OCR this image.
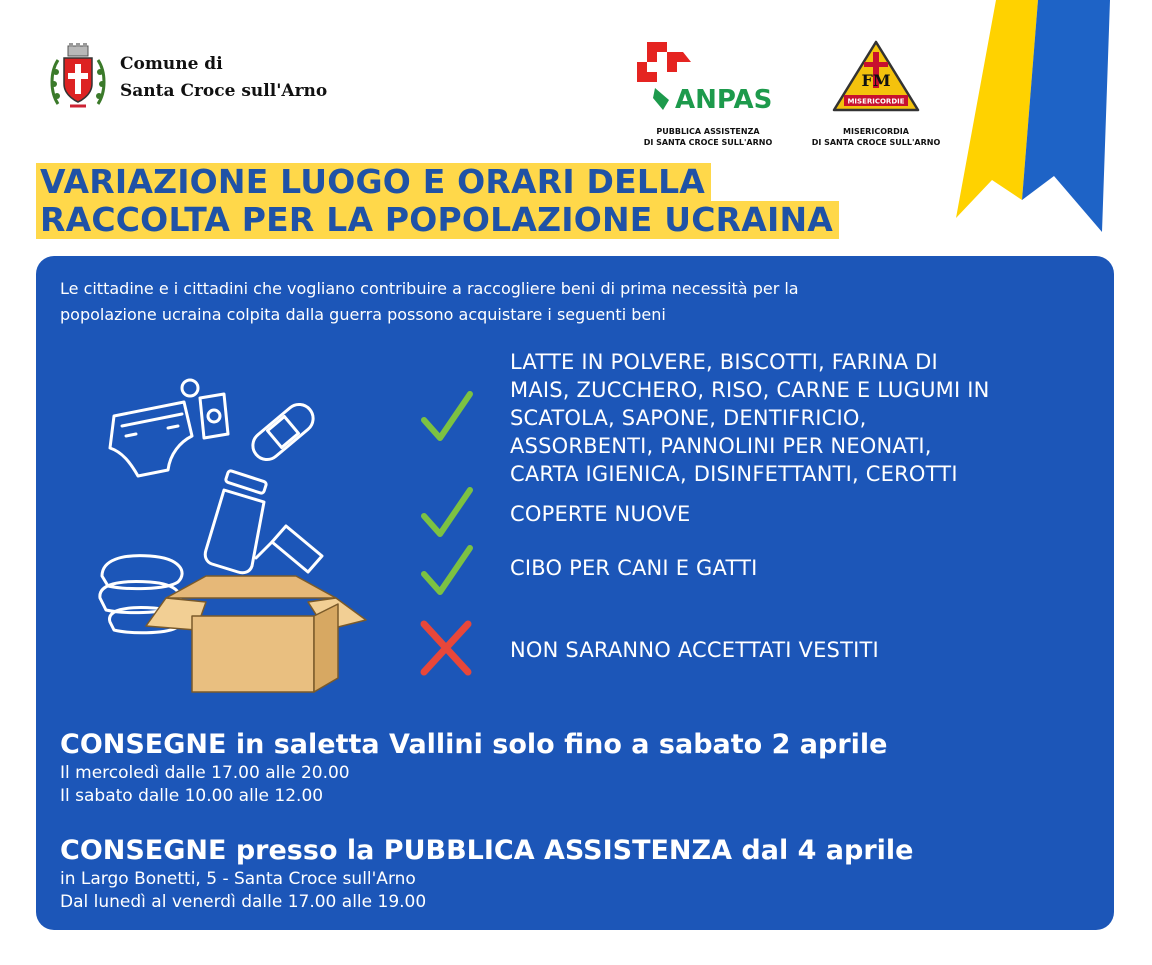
Comune di
Santa Croce sull'Arno	ANPAS
PUBBLICA ASSISTENZA
DI SANTA CROCE SULL'ARNO
FM
MISERICORDIE
MISERICORDIA
DI SANTA CROCE SULL'ARNO
VARIAZIONE LUOGO E ORARI DELLA
RACCOLTA PER LA POPOLAZIONE UCRAINA
Le cittadine e i cittadini che vogliano contribuire a raccogliere beni di prima necessità per la
popolazione ucraina colpita dalla guerra possono acquistare i seguenti beni
LATTE IN POLVERE, BISCOTTI, FARINA DI
MAIS, ZUCCHERO, RISO, CARNE E LUGUMI IN
SCATOLA, SAPONE, DENTIFRICIO,
ASSORBENTI, PANNOLINI PER NEONATI,
CARTA IGIENICA, DISINFETTANTI, CEROTTI
COPERTE NUOVE
CIBO PER CANI E GATTI
NON SARANNO ACCETTATI VESTITI
CONSEGNE in saletta Vallini solo fino a sabato 2 aprile
Il mercoledì dalle 17.00 alle 20.00
Il sabato dalle 10.00 alle 12.00
CONSEGNE presso la PUBBLICA ASSISTENZA dal 4 aprile
in Largo Bonetti, 5 - Santa Croce sull'Arno
Dal lunedì al venerdì dalle 17.00 alle 19.00
